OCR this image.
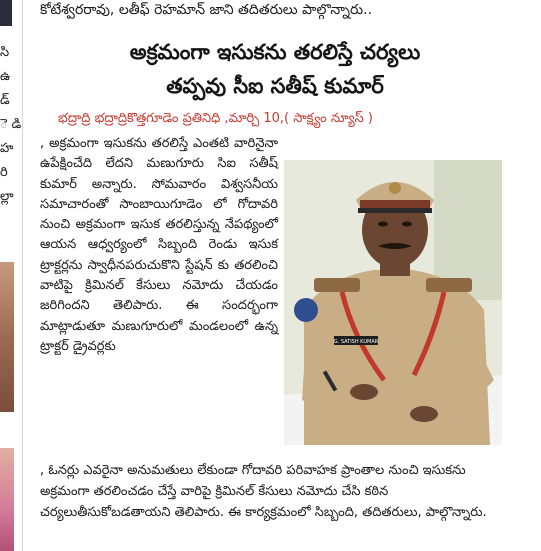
కోటేశ్వరరావు, లతీఫ్ రెహమాన్ జాని తదితరులు పాల్గొన్నారు..
సి
ఉ
డ్
ె డి
హ
రి
ల్లా
అక్రమంగా ఇసుకను తరలిస్తే చర్యలు
తప్పవు సీఐ సతీష్ కుమార్
భద్రాద్రి భద్రాద్రికొత్తగూడెం ప్రతినిధి ,మార్చి 10,( సాక్ష్యం న్యూస్ )

, అక్రమంగా ఇసుకను తరలిస్తే ఎంతటి వారినైనా ఉపేక్షించేది లేదని మణుగూరు సిఐ సతీష్ కుమార్ అన్నారు. సోమవారం విశ్వసనీయ సమాచారంతో సాంబాయిగూడెం లో గోదావరి నుంచి అక్రమంగా ఇసుక తరలిస్తున్న నేపథ్యంలో ఆయన ఆధ్వర్యంలో సిబ్బంది రెండు ఇసుక ట్రాక్టర్లను స్వాధీనపరుచుకొని స్టేషన్ కు తరలించి వాటిపై క్రిమినల్ కేసులు నమోదు చేయడం జరిగిందని తెలిపారు. ఈ సందర్భంగా మాట్లాడుతూ మణుగూరులో మండలంలో ఉన్న ట్రాక్టర్ డ్రైవర్లకు	G. SATISH KUMAR

, ఓనర్లు ఎవరైనా అనుమతులు లేకుండా గోదావరి పరివాహక ప్రాంతాల నుంచి ఇసుకను అక్రమంగా తరలించడం చేస్తే వారిపై క్రిమినల్ కేసులు నమోదు చేసి కఠిన చర్యలుతీసుకోబడతాయని తెలిపారు. ఈ కార్యక్రమంలో సిబ్బంది, తదితరులు, పాల్గొన్నారు.
